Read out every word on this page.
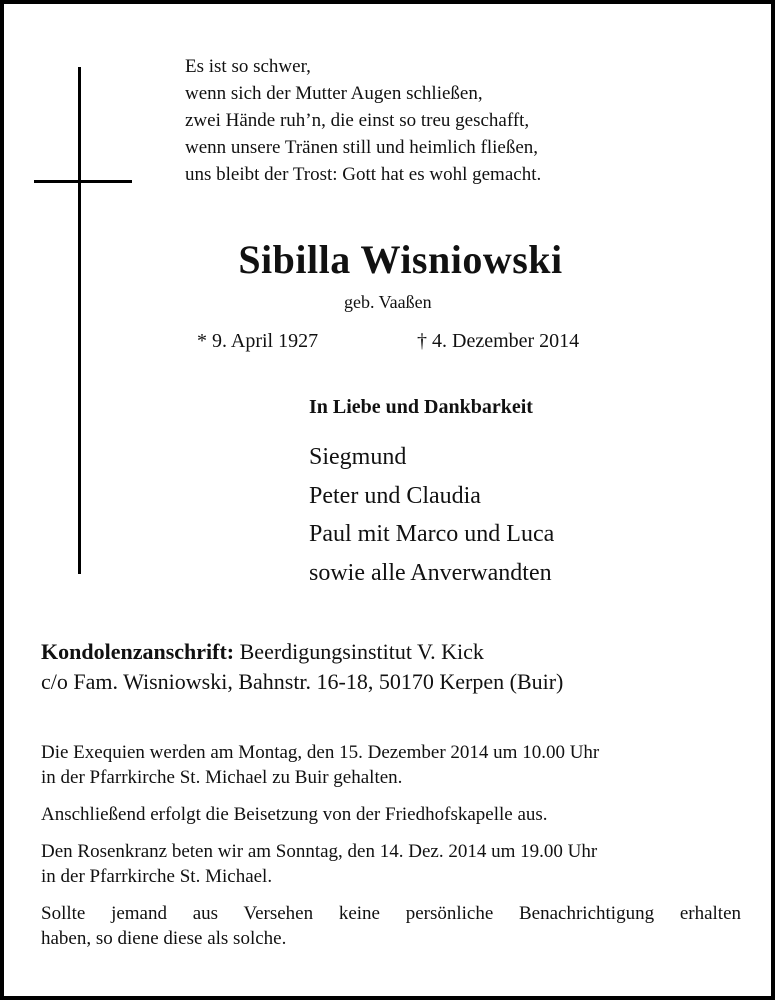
Es ist so schwer,
wenn sich der Mutter Augen schließen,
zwei Hände ruh’n, die einst so treu geschafft,
wenn unsere Tränen still und heimlich fließen,
uns bleibt der Trost: Gott hat es wohl gemacht.
Sibilla Wisniowski
geb. Vaaßen
* 9. April 1927	† 4. Dezember 2014
In Liebe und Dankbarkeit
Siegmund
Peter und Claudia
Paul mit Marco und Luca
sowie alle Anverwandten
Kondolenzanschrift: Beerdigungsinstitut V. Kick
c/o Fam. Wisniowski, Bahnstr. 16-18, 50170 Kerpen (Buir)

Die Exequien werden am Montag, den 15. Dezember 2014 um 10.00 Uhr
in der Pfarrkirche St. Michael zu Buir gehalten.

Anschließend erfolgt die Beisetzung von der Friedhofskapelle aus.

Den Rosenkranz beten wir am Sonntag, den 14. Dez. 2014 um 19.00 Uhr
in der Pfarrkirche St. Michael.

Sollte jemand aus Versehen keine persönliche Benachrichtigung erhalten
haben, so diene diese als solche.
